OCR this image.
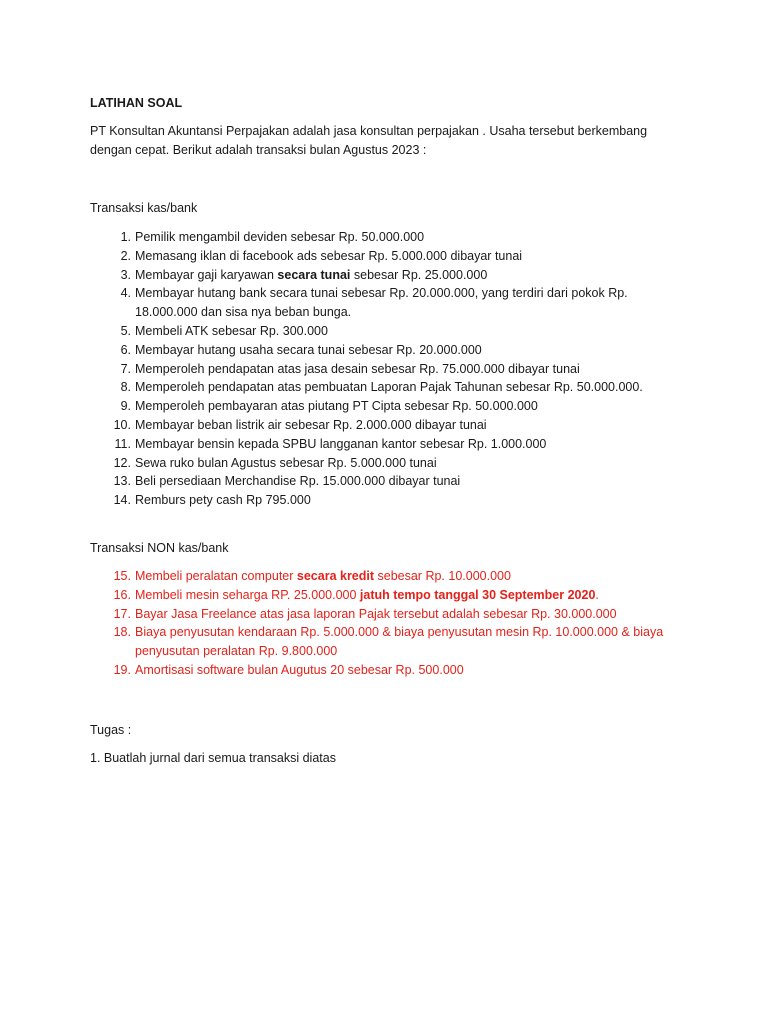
LATIHAN SOAL

PT Konsultan Akuntansi Perpajakan adalah jasa konsultan perpajakan . Usaha tersebut berkembang dengan cepat. Berikut adalah transaksi bulan Agustus 2023 :

Transaksi kas/bank

1 . Pemilik mengambil deviden sebesar Rp. 50.000.000
2 . Memasang iklan di facebook ads sebesar Rp. 5.000.000 dibayar tunai
3 . Membayar gaji karyawan secara tunai sebesar Rp. 25.000.000
4 . Membayar hutang bank secara tunai sebesar Rp. 20.000.000, yang terdiri dari pokok Rp. 18.000.000 dan sisa nya beban bunga.
5 . Membeli ATK sebesar Rp. 300.000
6 . Membayar hutang usaha secara tunai sebesar Rp. 20.000.000
7 . Memperoleh pendapatan atas jasa desain sebesar Rp. 75.000.000 dibayar tunai
8 . Memperoleh pendapatan atas pembuatan Laporan Pajak Tahunan sebesar Rp. 50.000.000.
9 . Memperoleh pembayaran atas piutang PT Cipta sebesar Rp. 50.000.000
10 . Membayar beban listrik air sebesar Rp. 2.000.000 dibayar tunai
11 . Membayar bensin kepada SPBU langganan kantor sebesar Rp. 1.000.000
12 . Sewa ruko bulan Agustus sebesar Rp. 5.000.000 tunai
13 . Beli persediaan Merchandise Rp. 15.000.000 dibayar tunai
14 . Remburs pety cash Rp 795.000

Transaksi NON kas/bank

15 . Membeli peralatan computer secara kredit sebesar Rp. 10.000.000
16 . Membeli mesin seharga RP. 25.000.000 jatuh tempo tanggal 30 September 2020.
17 . Bayar Jasa Freelance atas jasa laporan Pajak tersebut adalah sebesar Rp. 30.000.000
18 . Biaya penyusutan kendaraan Rp. 5.000.000 & biaya penyusutan mesin Rp. 10.000.000 & biaya penyusutan peralatan Rp. 9.800.000
19 . Amortisasi software bulan Augutus 20 sebesar Rp. 500.000

Tugas :

1. Buatlah jurnal dari semua transaksi diatas
